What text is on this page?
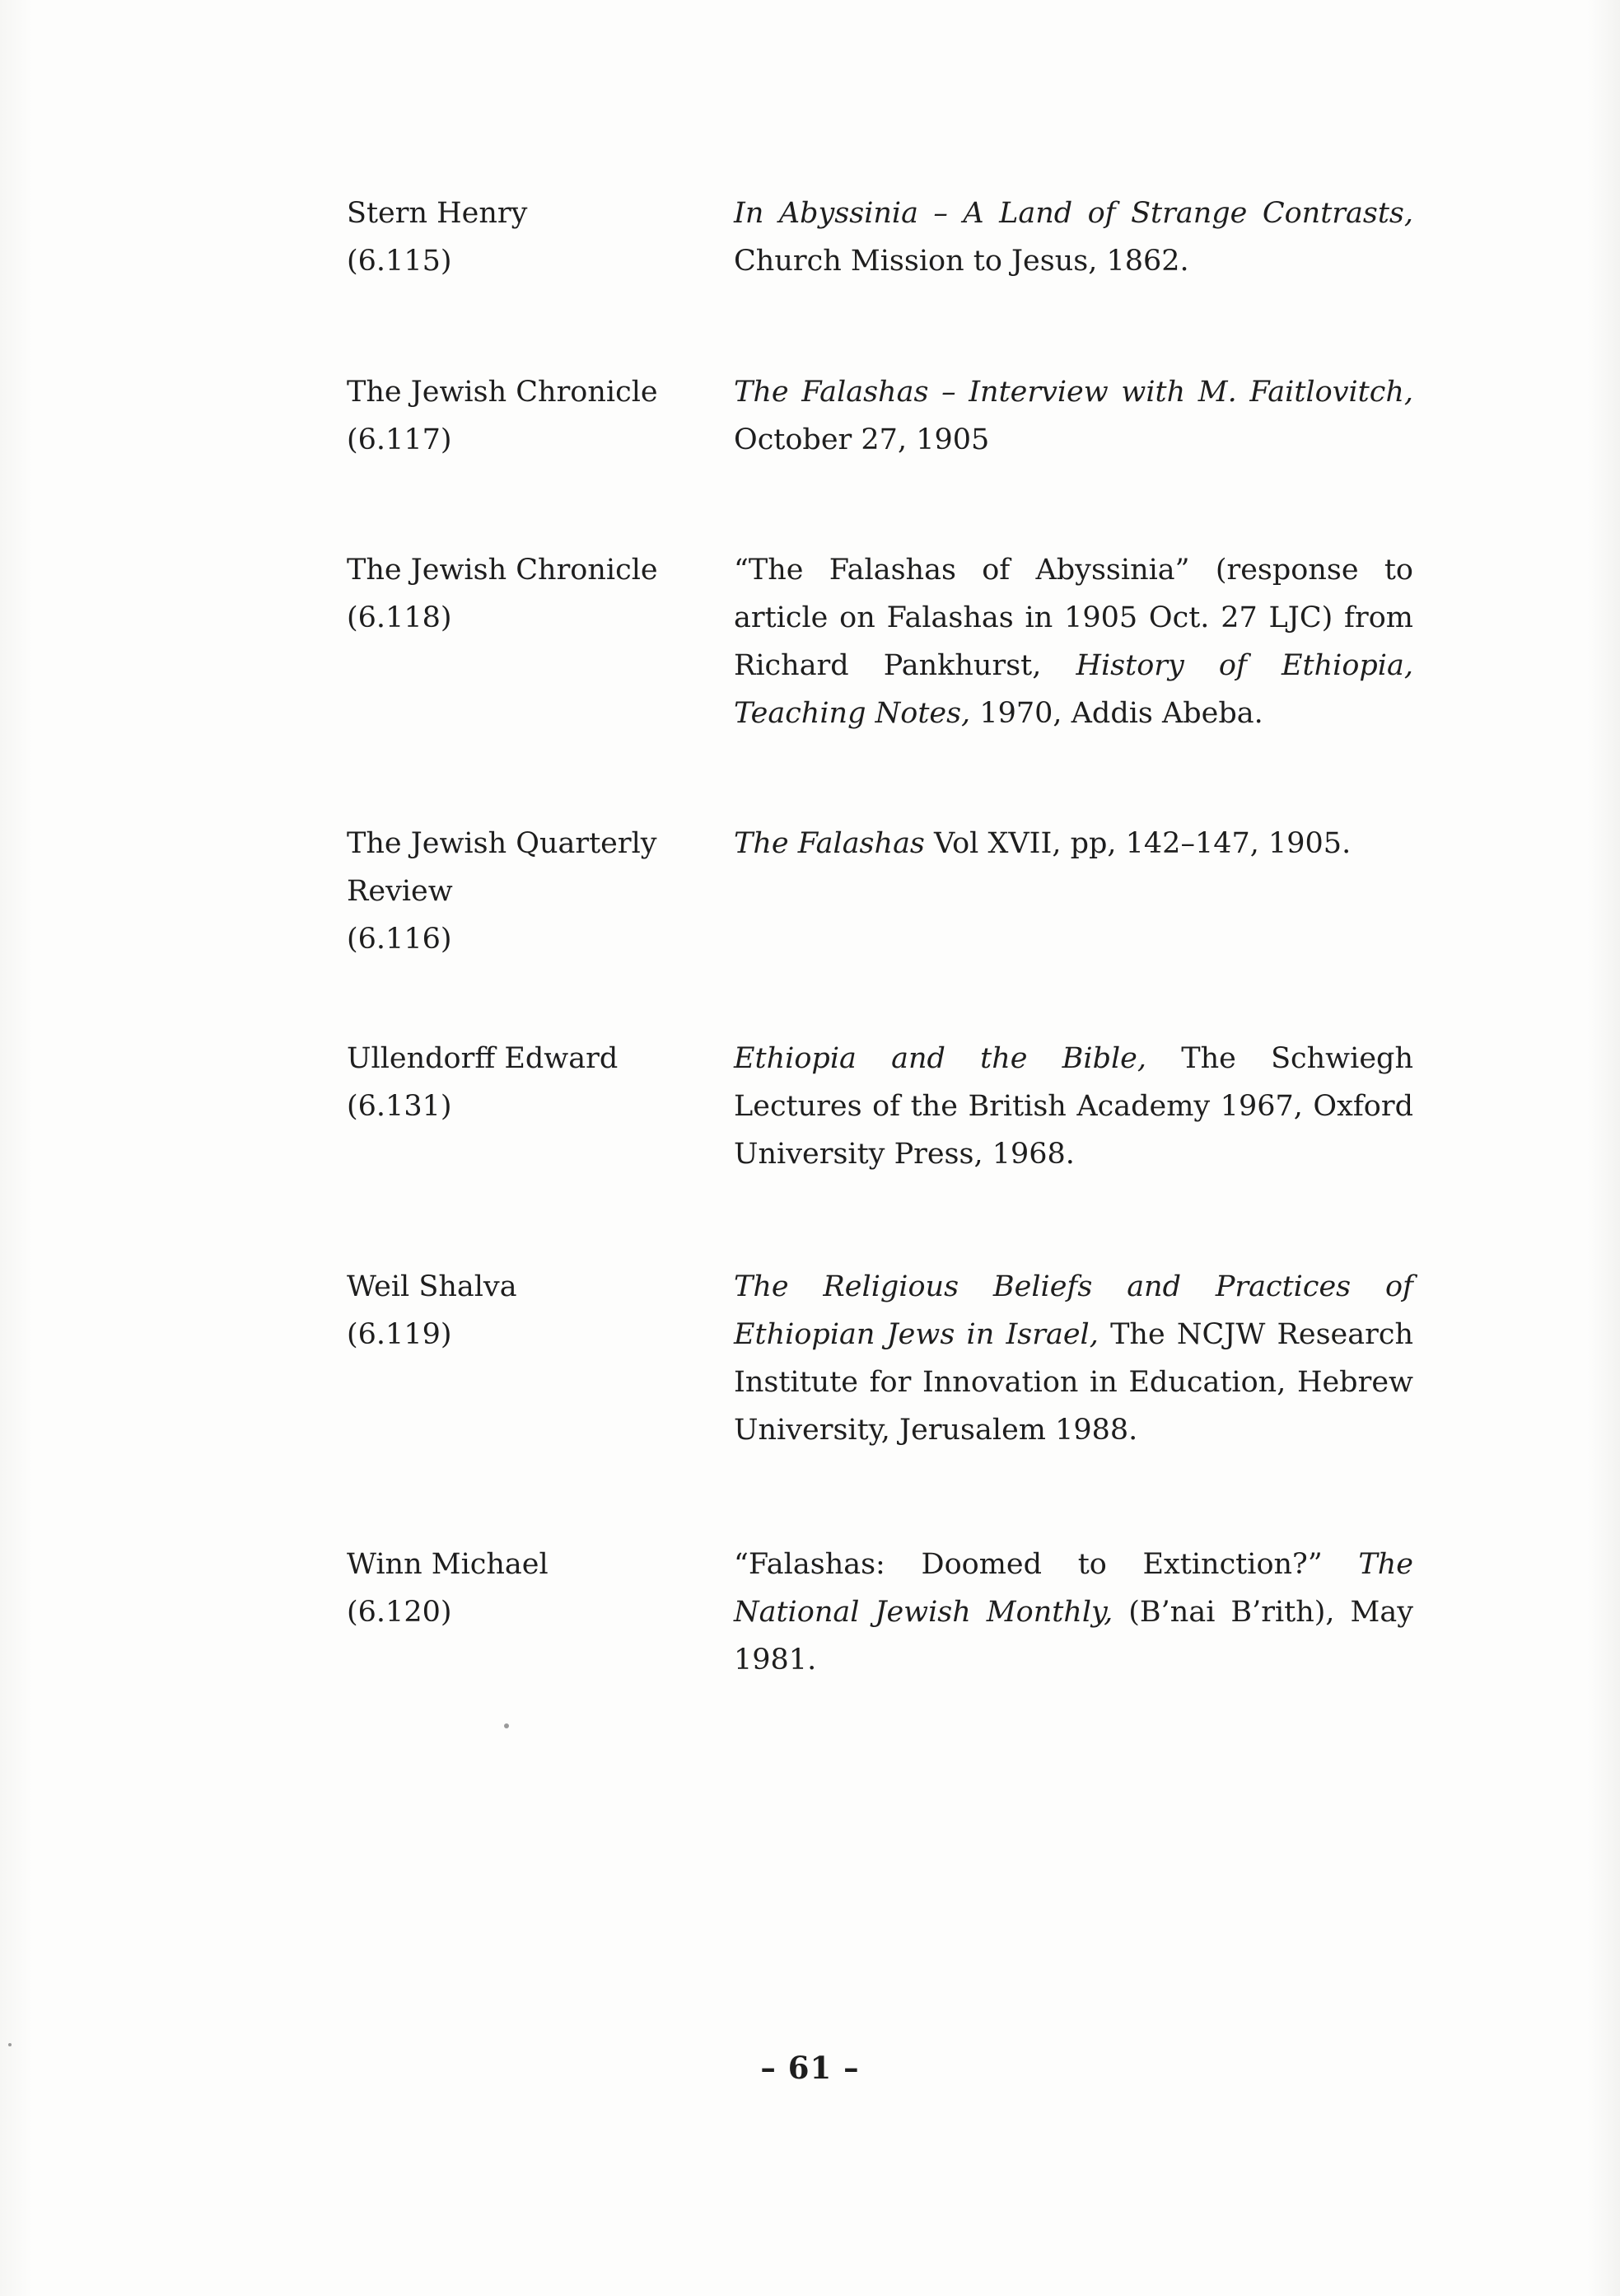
Stern Henry
(6.115)
In Abyssinia – A Land of Strange Contrasts, Church Mission to Jesus, 1862.
The Jewish Chronicle
(6.117)
The Falashas – Interview with M. Faitlovitch, October 27, 1905
The Jewish Chronicle
(6.118)
“The Falashas of Abyssinia” (response to article on Falashas in 1905 Oct. 27 LJC) from Richard Pankhurst, History of Ethiopia, Teaching Notes, 1970, Addis Abeba.
The Jewish Quarterly Review
(6.116)
The Falashas Vol XVII, pp, 142–147, 1905.
Ullendorff Edward
(6.131)
Ethiopia and the Bible, The Schwiegh Lectures of the British Academy 1967, Oxford University Press, 1968.
Weil Shalva
(6.119)
The Religious Beliefs and Practices of Ethiopian Jews in Israel, The NCJW Research Institute for Innovation in Education, Hebrew University, Jerusalem 1988.
Winn Michael
(6.120)
“Falashas: Doomed to Extinction?” The National Jewish Monthly, (B’nai B’rith), May 1981.
– 61 –
